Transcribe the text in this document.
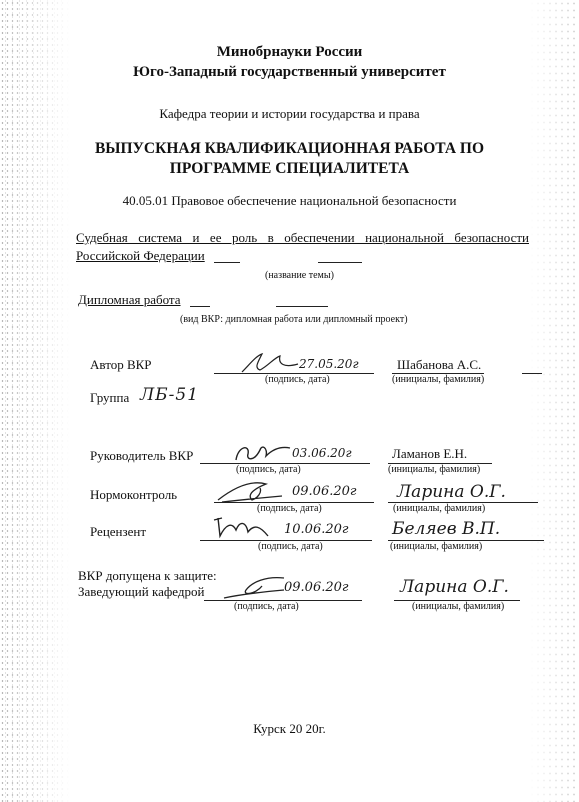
Минобрнауки России
Юго-Западный государственный университет
Кафедра теории и истории государства и права
ВЫПУСКНАЯ КВАЛИФИКАЦИОННАЯ РАБОТА ПО
ПРОГРАММЕ СПЕЦИАЛИТЕТА
40.05.01 Правовое обеспечение национальной безопасности
Судебная система и ее роль в обеспечении национальной безопасности
Российской Федерации
(название темы)
Дипломная работа
(вид ВКР: дипломная работа или дипломный проект)
Автор ВКР	27.05.20г	Шабанова А.С.
(подпись, дата)	(инициалы, фамилия)
Группа ЛБ-51
Руководитель ВКР	03.06.20г	Ламанов Е.Н.
(подпись, дата)	(инициалы, фамилия)
Нормоконтроль	09.06.20г Ларина О.Г.
(подпись, дата)	(инициалы, фамилия)
Рецензент	10.06.20г	Беляев В.П.
(подпись, дата)	(инициалы, фамилия)
ВКР допущена к защите:
Заведующий кафедрой	09.06.20г	Ларина О.Г.
(подпись, дата)	(инициалы, фамилия)
Курск 20 20г.
